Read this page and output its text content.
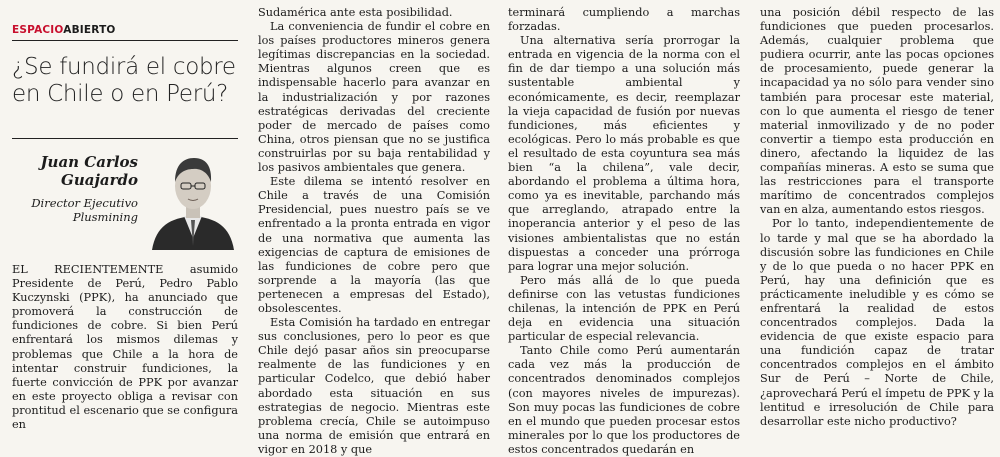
ESPACIOABIERTO
¿Se fundirá el cobre en Chile o en Perú?
Juan Carlos Guajardo
Director Ejecutivo Plusmining

EL RECIENTEMENTE asumido Presidente de Perú, Pedro Pablo Kuczynski (PPK), ha anunciado que promoverá la construcción de fundiciones de cobre. Si bien Perú enfrentará los mismos dilemas y problemas que Chile a la hora de intentar construir fundiciones, la fuerte convicción de PPK por avanzar en este proyecto obliga a revisar con prontitud el escenario que se configura en

Sudamérica ante esta posibilidad.

La conveniencia de fundir el cobre en los países productores mineros genera legítimas discrepancias en la sociedad. Mientras algunos creen que es indispensable hacerlo para avanzar en la industrialización y por razones estratégicas derivadas del creciente poder de mercado de países como China, otros piensan que no se justifica construirlas por su baja rentabilidad y los pasivos ambientales que genera.

Este dilema se intentó resolver en Chile a través de una Comisión Presidencial, pues nuestro país se ve enfrentado a la pronta entrada en vigor de una normativa que aumenta las exigencias de captura de emisiones de las fundiciones de cobre pero que sorprende a la mayoría (las que pertenecen a empresas del Estado), obsolescentes.

Esta Comisión ha tardado en entregar sus conclusiones, pero lo peor es que Chile dejó pasar años sin preocuparse realmente de las fundiciones y en particular Codelco, que debió haber abordado esta situación en sus estrategias de negocio. Mientras este problema crecía, Chile se autoimpuso una norma de emisión que entrará en vigor en 2018 y que

terminará cumpliendo a marchas forzadas.

Una alternativa sería prorrogar la entrada en vigencia de la norma con el fin de dar tiempo a una solución más sustentable ambiental y económicamente, es decir, reemplazar la vieja capacidad de fusión por nuevas fundiciones, más eficientes y ecológicas. Pero lo más probable es que el resultado de esta coyuntura sea más bien “a la chilena”, vale decir, abordando el problema a última hora, como ya es inevitable, parchando más que arreglando, atrapado entre la inoperancia anterior y el peso de las visiones ambientalistas que no están dispuestas a conceder una prórroga para lograr una mejor solución.

Pero más allá de lo que pueda definirse con las vetustas fundiciones chilenas, la intención de PPK en Perú deja en evidencia una situación particular de especial relevancia.

Tanto Chile como Perú aumentarán cada vez más la producción de concentrados denominados complejos (con mayores niveles de impurezas). Son muy pocas las fundiciones de cobre en el mundo que pueden procesar estos minerales por lo que los productores de estos concentrados quedarán en

una posición débil respecto de las fundiciones que pueden procesarlos. Además, cualquier problema que pudiera ocurrir, ante las pocas opciones de procesamiento, puede generar la incapacidad ya no sólo para vender sino también para procesar este material, con lo que aumenta el riesgo de tener material inmovilizado y de no poder convertir a tiempo esta producción en dinero, afectando la liquidez de las compañías mineras. A esto se suma que las restricciones para el transporte marítimo de concentrados complejos van en alza, aumentando estos riesgos.

Por lo tanto, independientemente de lo tarde y mal que se ha abordado la discusión sobre las fundiciones en Chile y de lo que pueda o no hacer PPK en Perú, hay una definición que es prácticamente ineludible y es cómo se enfrentará la realidad de estos concentrados complejos. Dada la evidencia de que existe espacio para una fundición capaz de tratar concentrados complejos en el ámbito Sur de Perú – Norte de Chile, ¿aprovechará Perú el ímpetu de PPK y la lentitud e irresolución de Chile para desarrollar este nicho productivo?
